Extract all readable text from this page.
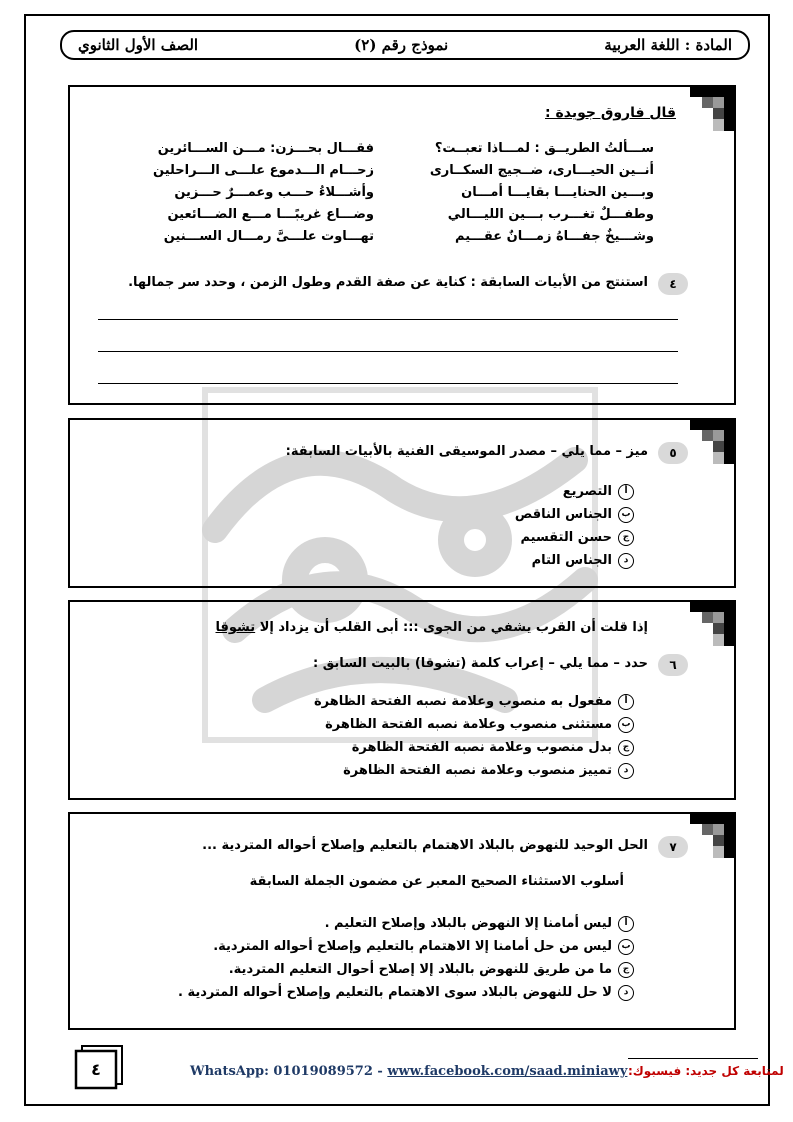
المادة : اللغة العربية
نموذج رقم (٢)
الصف الأول الثانوي
قال فاروق جويدة :
ســـألتُ الطريــق : لمـــاذا تعبــت؟
فقـــال بحـــزن: مـــن الســـائرين
أنــين الحيـــارى، ضــجيج السكــارى
زحـــام الـــدموع علـــى الـــراحلين
وبـــين الحنايـــا بقايـــا أمـــان
وأشـــلاءُ حـــب وعمـــرٌ حـــزين
وطفـــلٌ تغـــرب بـــين الليـــالي
وضـــاع غريبًـــا مـــع الضـــائعين
وشـــيخٌ جفـــاهُ زمـــانٌ عقـــيم
تهـــاوت علـــىَّ رمـــال الســـنين
٤
استنتج من الأبيات السابقة : كناية عن صفة القدم وطول الزمن ، وحدد سر جمالها.
٥
ميز – مما يلي – مصدر الموسيقى الفنية بالأبيات السابقة:
أ
التصريع
ب
الجناس الناقص
ج
حسن التقسيم
د
الجناس التام
إذا قلت أن القرب يشفي من الجوى ::: أبى القلب أن يزداد إلا تشوقا
٦
حدد – مما يلي – إعراب كلمة (تشوقا) بالبيت السابق :
أ
مفعول به منصوب وعلامة نصبه الفتحة الظاهرة
ب
مستثنى منصوب وعلامة نصبه الفتحة الظاهرة
ج
بدل منصوب وعلامة نصبه الفتحة الظاهرة
د
تمييز منصوب وعلامة نصبه الفتحة الظاهرة
٧
الحل الوحيد للنهوض بالبلاد الاهتمام بالتعليم وإصلاح أحواله المتردية ...
أسلوب الاستثناء الصحيح المعبر عن مضمون الجملة السابقة
أ
ليس أمامنا إلا النهوض بالبلاد وإصلاح التعليم .
ب
ليس من حل أمامنا إلا الاهتمام بالتعليم وإصلاح أحواله المتردية.
ج
ما من طريق للنهوض بالبلاد إلا إصلاح أحوال التعليم المتردية.
د
لا حل للنهوض بالبلاد سوى الاهتمام بالتعليم وإصلاح أحواله المتردية .
٤	WhatsApp: 01019089572 - www.facebook.com/saad.miniawy لمتابعة كل جديد: فيسبوك:
